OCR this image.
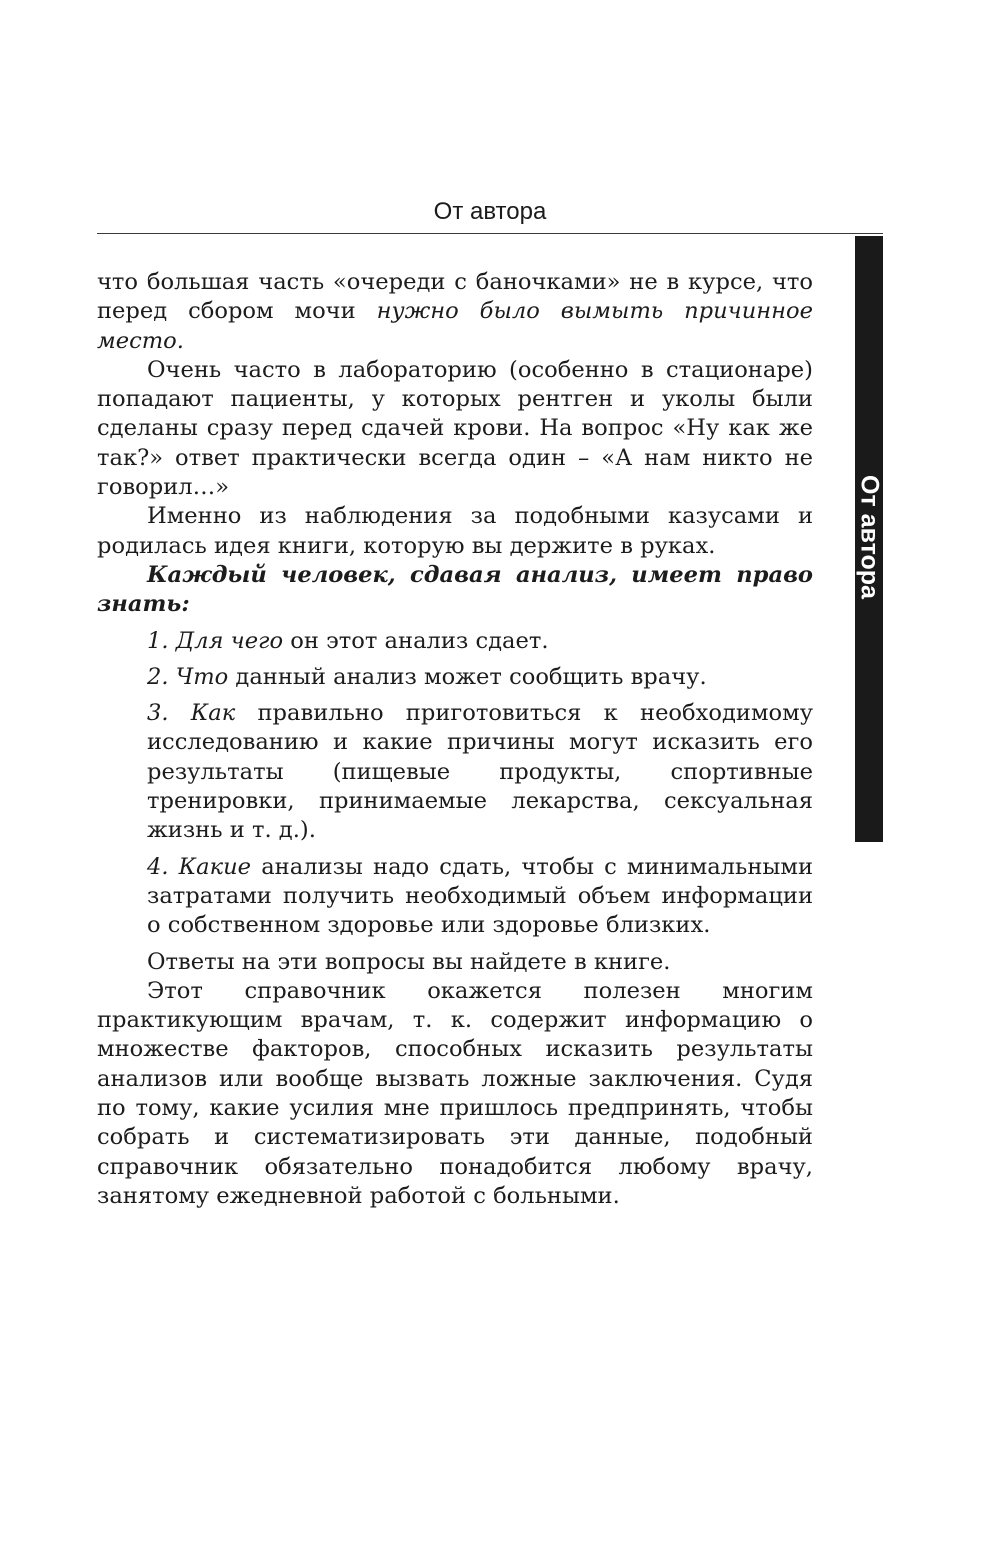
От автора
От автора

что большая часть «очереди с баночками» не в курсе, что перед сбором мочи нужно было вымыть причинное место.

Очень часто в лабораторию (особенно в стационаре) попадают пациенты, у которых рентген и уколы были сделаны сразу перед сдачей крови. На вопрос «Ну как же так?» ответ практически всегда один – «А нам никто не говорил…»

Именно из наблюдения за подобными казусами и родилась идея книги, которую вы держите в руках.

Каждый человек, сдавая анализ, имеет право знать:

1. Для чего он этот анализ сдает.

2. Что данный анализ может сообщить врачу.

3. Как правильно приготовиться к необходимому исследованию и какие причины могут исказить его результаты (пищевые продукты, спортивные тренировки, принимаемые лекарства, сексуальная жизнь и т. д.).

4. Какие анализы надо сдать, чтобы с минимальными затратами получить необходимый объем информации о собственном здоровье или здоровье близких.

Ответы на эти вопросы вы найдете в книге.

Этот справочник окажется полезен многим практикующим врачам, т. к. содержит информацию о множестве факторов, способных исказить результаты анализов или вообще вызвать ложные заключения. Судя по тому, какие усилия мне пришлось предпринять, чтобы собрать и систематизировать эти данные, подобный справочник обязательно понадобится любому врачу, занятому ежедневной работой с больными.
